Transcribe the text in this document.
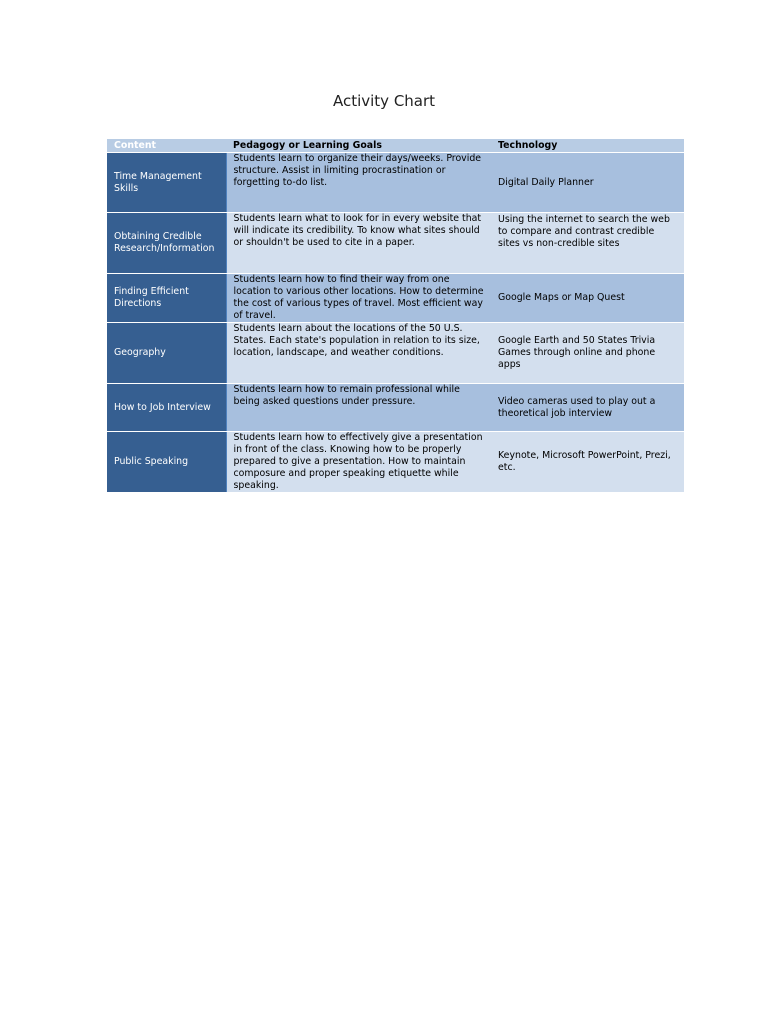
Activity Chart
Content	Pedagogy or Learning Goals	Technology
Time Management Skills	Students learn to organize their days/weeks. Provide structure. Assist in limiting procrastination or forgetting to-do list.	Digital Daily Planner
Obtaining Credible Research/Information	Students learn what to look for in every website that will indicate its credibility. To know what sites should or shouldn't be used to cite in a paper.	Using the internet to search the web to compare and contrast credible sites vs non-credible sites
Finding Efficient Directions	Students learn how to find their way from one location to various other locations. How to determine the cost of various types of travel. Most efficient way of travel.	Google Maps or Map Quest
Geography	Students learn about the locations of the 50 U.S. States. Each state's population in relation to its size, location, landscape, and weather conditions.	Google Earth and 50 States Trivia Games through online and phone apps
How to Job Interview	Students learn how to remain professional while being asked questions under pressure.	Video cameras used to play out a theoretical job interview
Public Speaking	Students learn how to effectively give a presentation in front of the class. Knowing how to be properly prepared to give a presentation. How to maintain composure and proper speaking etiquette while speaking.	Keynote, Microsoft PowerPoint, Prezi, etc.
